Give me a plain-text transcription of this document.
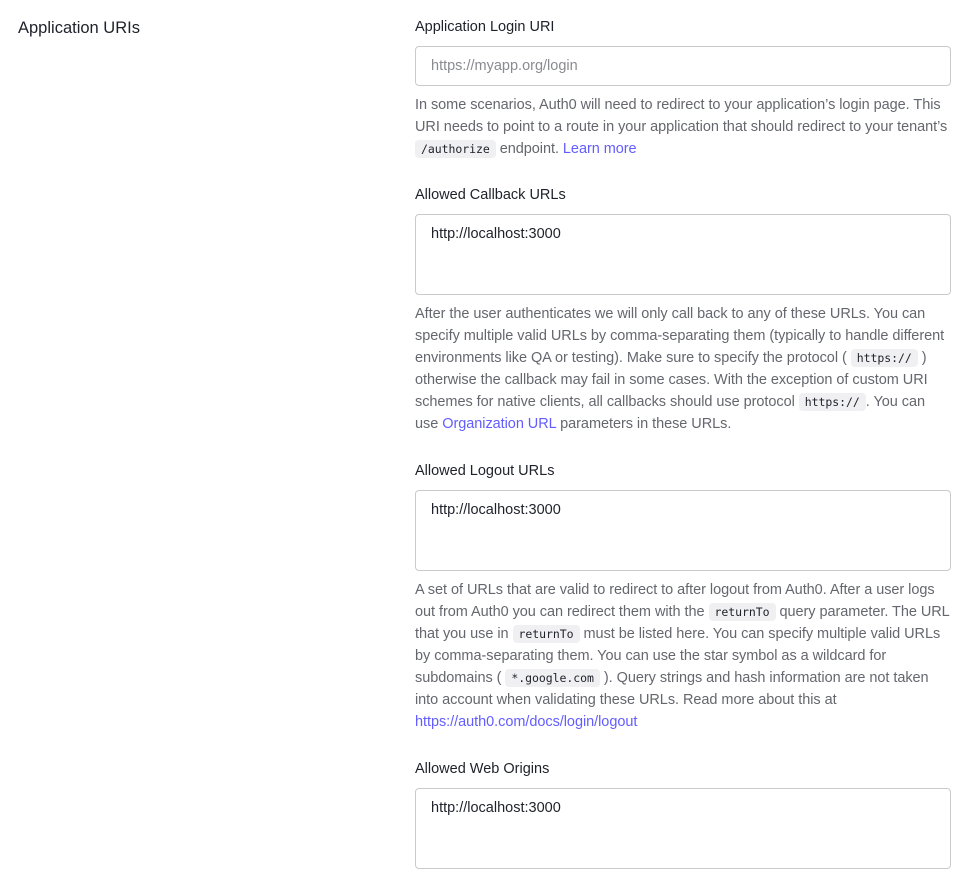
Application URIs	Application Login URI
https://myapp.org/login
In some scenarios, Auth0 will need to redirect to your application’s login page. This URI needs to point to a route in your application that should redirect to your tenant’s /authorize endpoint. Learn more
Allowed Callback URLs
http://localhost:3000
After the user authenticates we will only call back to any of these URLs. You can specify multiple valid URLs by comma-separating them (typically to handle different environments like QA or testing). Make sure to specify the protocol ( https:// ) otherwise the callback may fail in some cases. With the exception of custom URI schemes for native clients, all callbacks should use protocol https:// . You can use Organization URL parameters in these URLs.
Allowed Logout URLs
http://localhost:3000
A set of URLs that are valid to redirect to after logout from Auth0. After a user logs out from Auth0 you can redirect them with the returnTo query parameter. The URL that you use in returnTo must be listed here. You can specify multiple valid URLs by comma-separating them. You can use the star symbol as a wildcard for subdomains ( *.google.com ). Query strings and hash information are not taken into account when validating these URLs. Read more about this at https://auth0.com/docs/login/logout
Allowed Web Origins
http://localhost:3000
